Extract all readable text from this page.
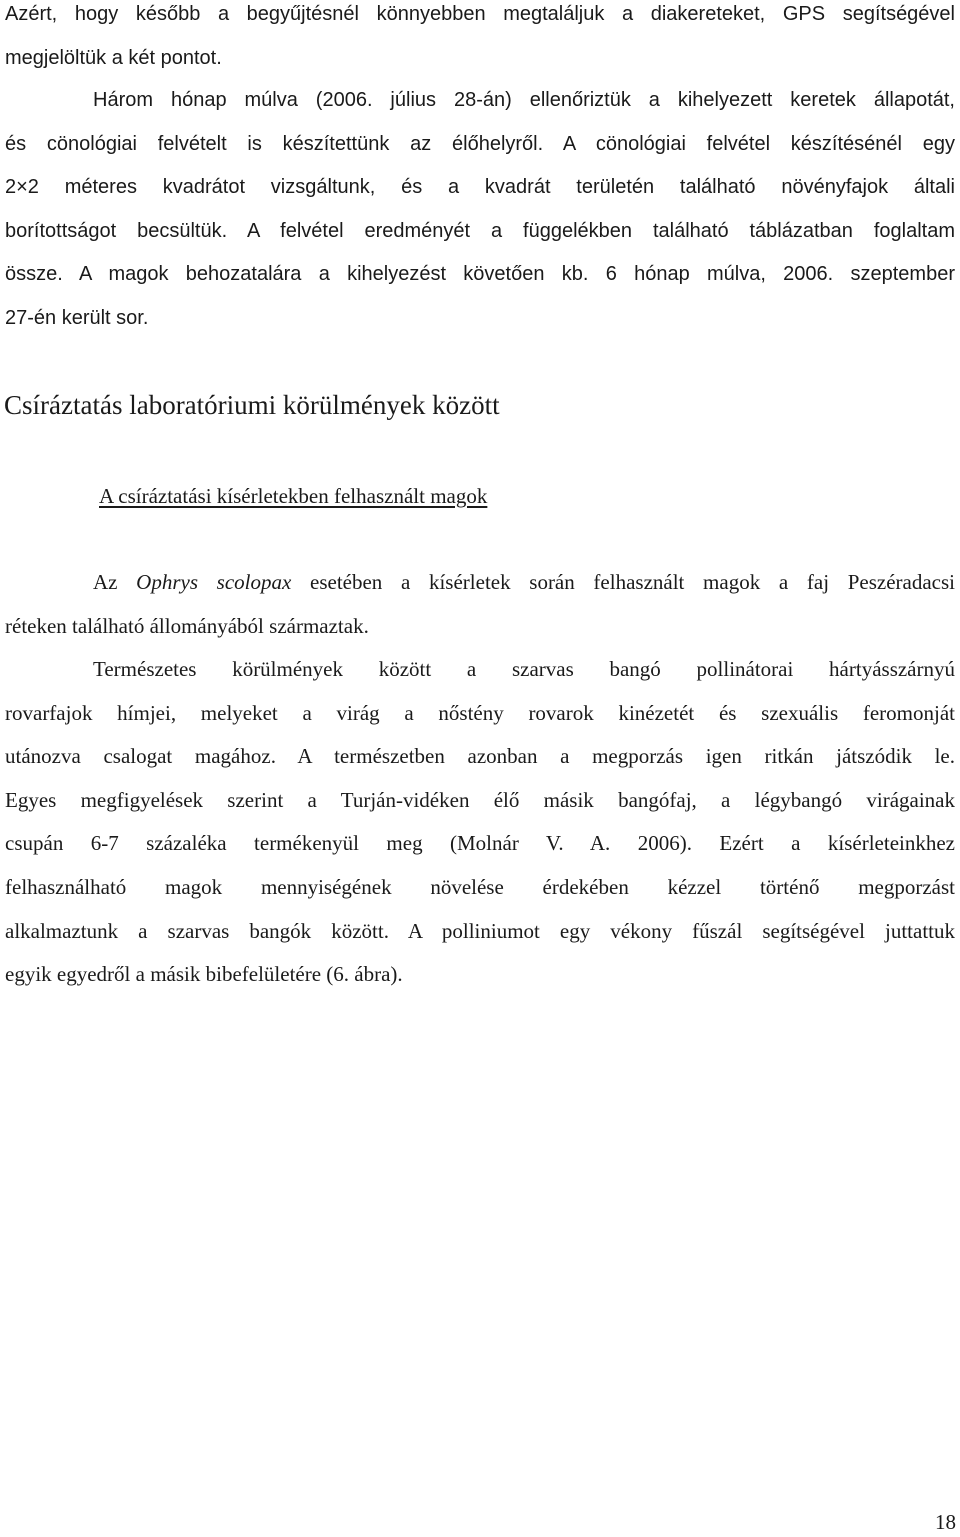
Azért, hogy később a begyűjtésnél könnyebben megtaláljuk a diakereteket, GPS segítségével
megjelöltük a két pontot.

Három hónap múlva (2006. július 28-án) ellenőriztük a kihelyezett keretek állapotát,
és cönológiai felvételt is készítettünk az élőhelyről. A cönológiai felvétel készítésénél egy
2×2 méteres kvadrátot vizsgáltunk, és a kvadrát területén található növényfajok általi
borítottságot becsültük. A felvétel eredményét a függelékben található táblázatban foglaltam
össze. A magok behozatalára a kihelyezést követően kb. 6 hónap múlva, 2006. szeptember
27-én került sor.

Csíráztatás laboratóriumi körülmények között
A csíráztatási kísérletekben felhasznált magok

Az Ophrys scolopax esetében a kísérletek során felhasznált magok a faj Peszéradacsi
réteken található állományából származtak.

Természetes körülmények között a szarvas bangó pollinátorai hártyásszárnyú
rovarfajok hímjei, melyeket a virág a nőstény rovarok kinézetét és szexuális feromonját
utánozva csalogat magához. A természetben azonban a megporzás igen ritkán játszódik le.
Egyes megfigyelések szerint a Turján-vidéken élő másik bangófaj, a légybangó virágainak
csupán 6-7 százaléka termékenyül meg (Molnár V. A. 2006). Ezért a kísérleteinkhez
felhasználható magok mennyiségének növelése érdekében kézzel történő megporzást
alkalmaztunk a szarvas bangók között. A polliniumot egy vékony fűszál segítségével juttattuk
egyik egyedről a másik bibefelületére (6. ábra).

18
